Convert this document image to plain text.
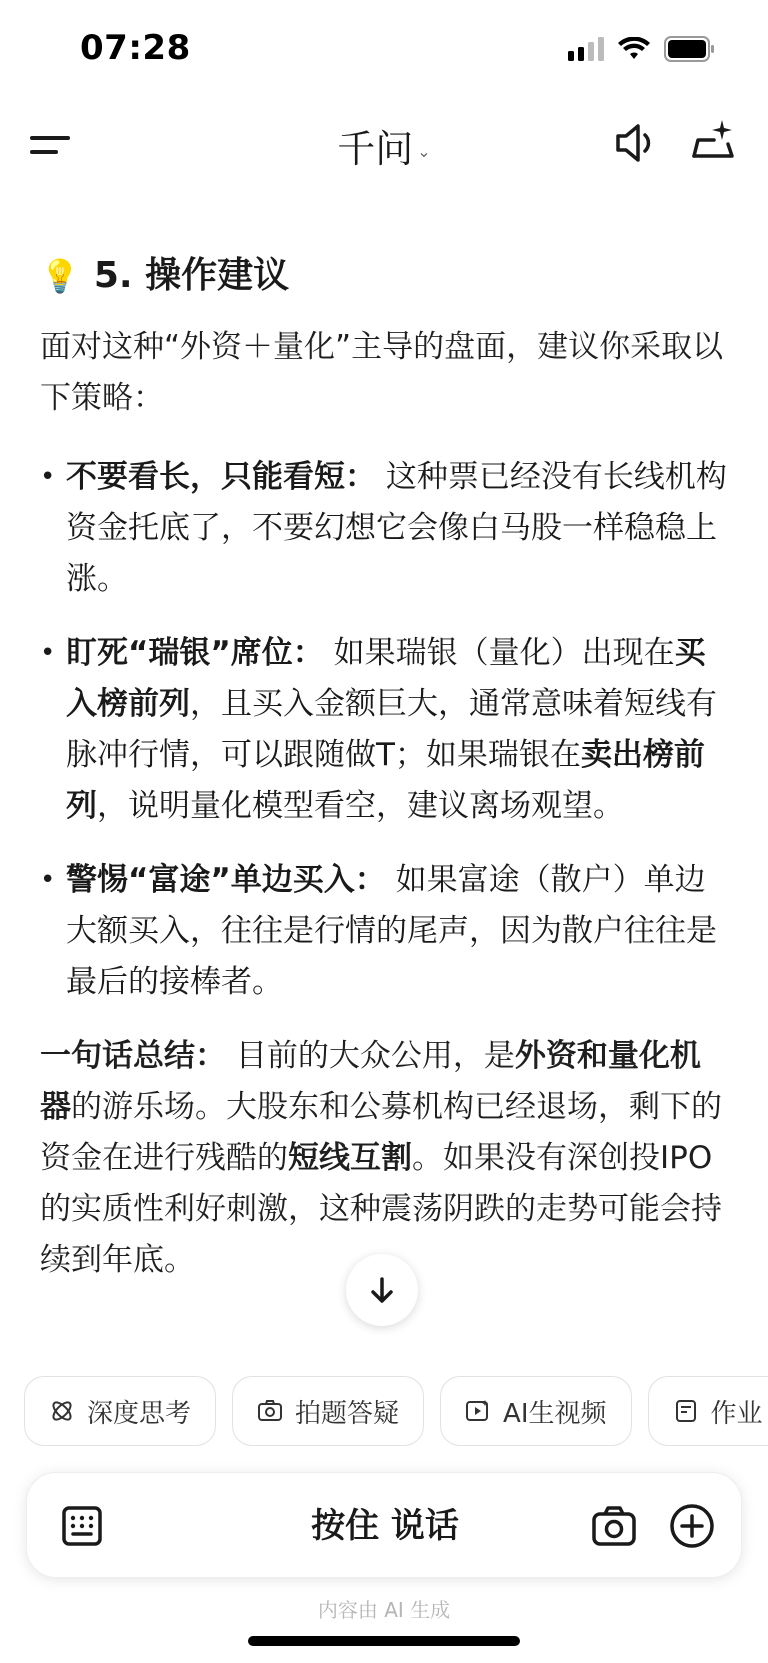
07:28
千问 ⌄
💡 5. 操作建议

面对这种“外资＋量化”主导的盘面，建议你采取以下策略：

• 不要看长，只能看短： 这种票已经没有长线机构资金托底了，不要幻想它会像白马股一样稳稳上涨。
• 盯死“瑞银”席位： 如果瑞银（量化）出现在买入榜前列，且买入金额巨大，通常意味着短线有脉冲行情，可以跟随做T；如果瑞银在卖出榜前列，说明量化模型看空，建议离场观望。
• 警惕“富途”单边买入： 如果富途（散户）单边大额买入，往往是行情的尾声，因为散户往往是最后的接棒者。

一句话总结： 目前的大众公用，是外资和量化机器的游乐场。大股东和公募机构已经退场，剩下的资金在进行残酷的短线互割。如果没有深创投IPO的实质性利好刺激，这种震荡阴跌的走势可能会持续到年底。

深度思考	拍题答疑	AI生视频	作业
按住 说话
内容由 AI 生成
